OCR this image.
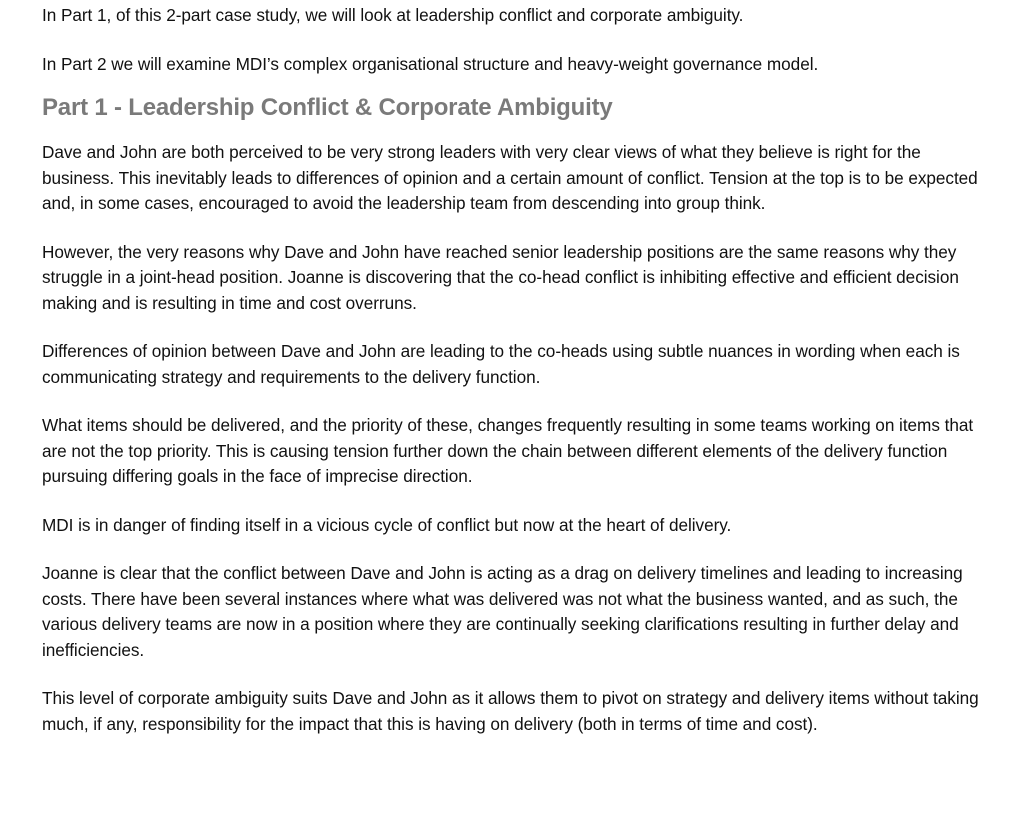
In Part 1, of this 2-part case study, we will look at leadership conflict and corporate ambiguity.

In Part 2 we will examine MDI’s complex organisational structure and heavy-weight governance model.

Part 1 - Leadership Conflict & Corporate Ambiguity

Dave and John are both perceived to be very strong leaders with very clear views of what they believe is right for the business. This inevitably leads to differences of opinion and a certain amount of conflict. Tension at the top is to be expected and, in some cases, encouraged to avoid the leadership team from descending into group think.

However, the very reasons why Dave and John have reached senior leadership positions are the same reasons why they struggle in a joint-head position. Joanne is discovering that the co-head conflict is inhibiting effective and efficient decision making and is resulting in time and cost overruns.

Differences of opinion between Dave and John are leading to the co-heads using subtle nuances in wording when each is communicating strategy and requirements to the delivery function.

What items should be delivered, and the priority of these, changes frequently resulting in some teams working on items that are not the top priority. This is causing tension further down the chain between different elements of the delivery function pursuing differing goals in the face of imprecise direction.

MDI is in danger of finding itself in a vicious cycle of conflict but now at the heart of delivery.

Joanne is clear that the conflict between Dave and John is acting as a drag on delivery timelines and leading to increasing costs. There have been several instances where what was delivered was not what the business wanted, and as such, the various delivery teams are now in a position where they are continually seeking clarifications resulting in further delay and inefficiencies.

This level of corporate ambiguity suits Dave and John as it allows them to pivot on strategy and delivery items without taking much, if any, responsibility for the impact that this is having on delivery (both in terms of time and cost).
